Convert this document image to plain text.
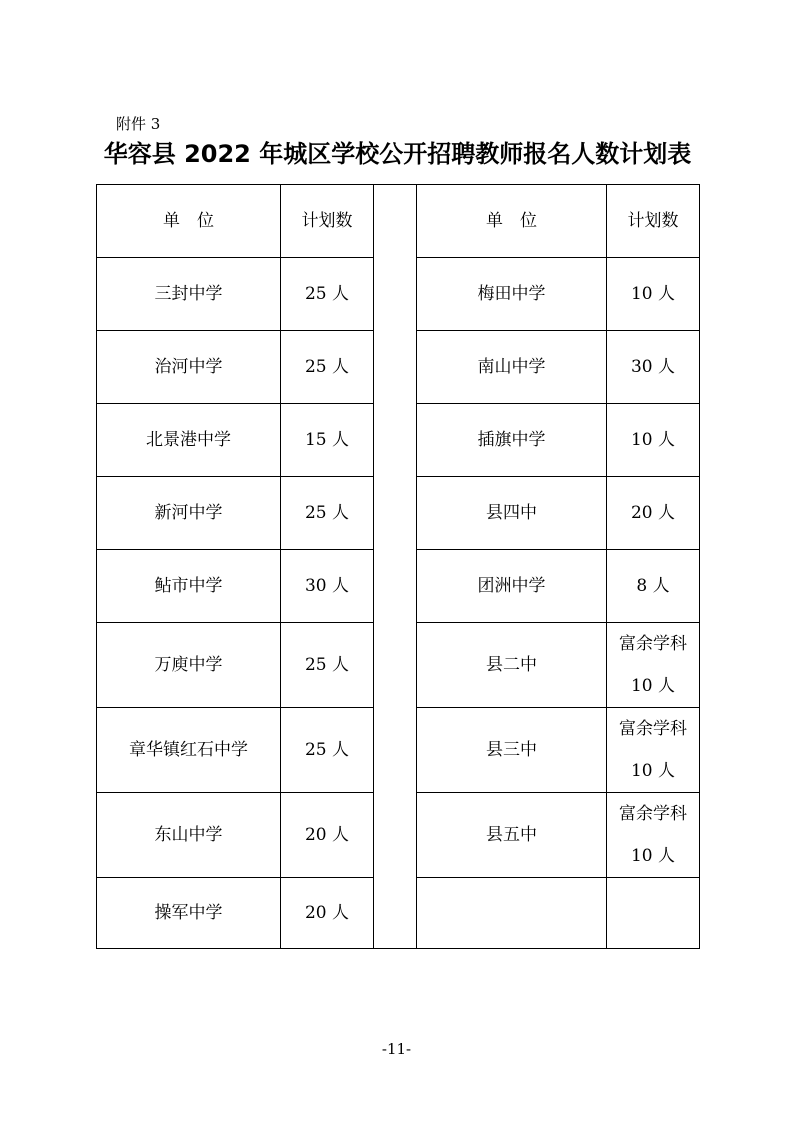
附件 3
华容县 2022 年城区学校公开招聘教师报名人数计划表
单　位	计划数		单　位	计划数
三封中学	25 人		梅田中学	10 人
治河中学	25 人		南山中学	30 人
北景港中学	15 人		插旗中学	10 人
新河中学	25 人		县四中	20 人
鲇市中学	30 人		团洲中学	8 人
万庾中学	25 人		县二中	富余学科
10 人

章华镇红石中学	25 人		县三中	富余学科
10 人

东山中学	20 人		县五中	富余学科
10 人

操军中学	20 人			
-11-
